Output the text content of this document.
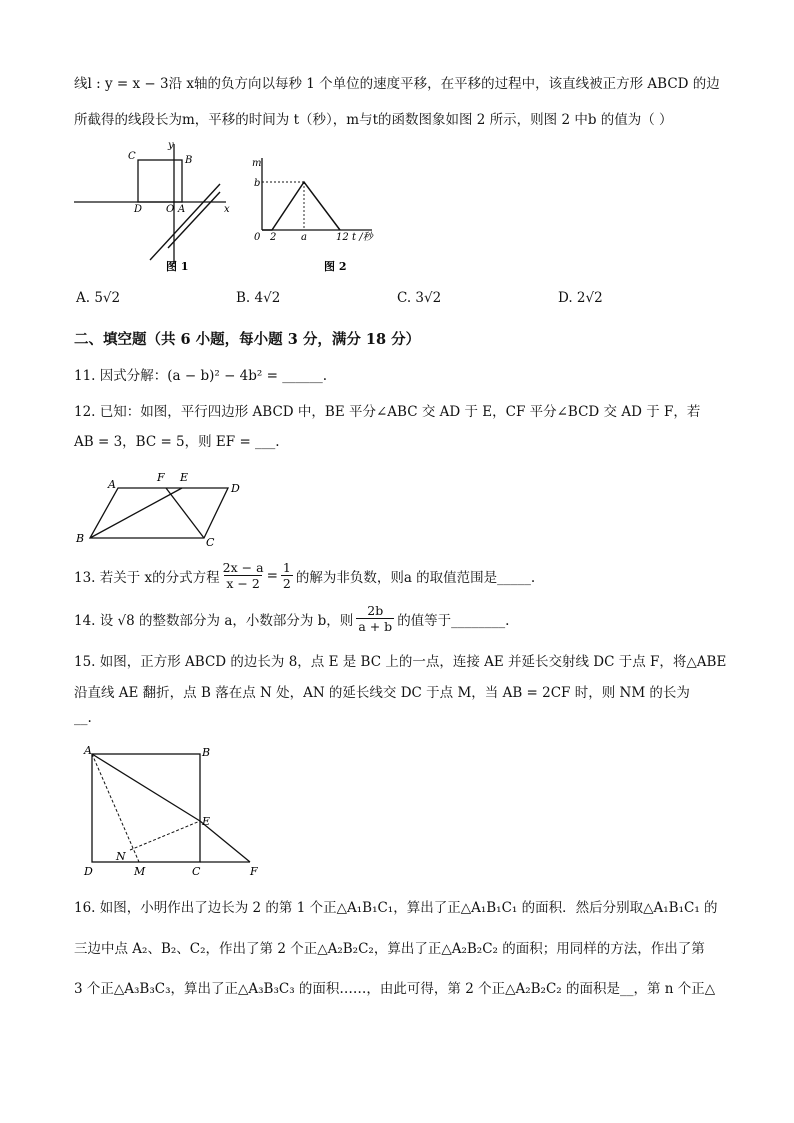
线l : y = x − 3沿 x轴的负方向以每秒 1 个单位的速度平移，在平移的过程中，该直线被正方形 ABCD 的边
所截得的线段长为m，平移的时间为 t（秒），m与t的函数图象如图 2 所示，则图 2 中b 的值为（ ）
C	B
D O A	x
y
图 1
m
b
0 2 a	12 t /秒
图 2
A. 5√2	B. 4√2	C. 3√2	D. 2√2
二、填空题（共 6 小题，每小题 3 分，满分 18 分）
11. 因式分解：(a − b)² − 4b² = ______.
12. 已知：如图，平行四边形 ABCD 中，BE 平分∠ABC 交 AD 于 E，CF 平分∠BCD 交 AD 于 F，若
AB = 3，BC = 5，则 EF = ___.
A
F E
D
B	C
13. 若关于 x的分式方程 $\frac{2x - a}{x - 2} = \frac{1}{2}$ 的解为非负数，则a 的取值范围是_____.
14. 设 √8 的整数部分为 a，小数部分为 b，则 $\frac{2b}{a + b}$ 的值等于________.
15. 如图，正方形 ABCD 的边长为 8，点 E 是 BC 上的一点，连接 AE 并延长交射线 DC 于点 F，将△ABE
沿直线 AE 翻折，点 B 落在点 N 处，AN 的延长线交 DC 于点 M，当 AB = 2CF 时，则 NM 的长为
__.
A	B
E
N
M
D	C	F
16. 如图，小明作出了边长为 2 的第 1 个正△A₁B₁C₁，算出了正△A₁B₁C₁ 的面积．然后分别取△A₁B₁C₁ 的
三边中点 A₂、B₂、C₂，作出了第 2 个正△A₂B₂C₂，算出了正△A₂B₂C₂ 的面积；用同样的方法，作出了第
3 个正△A₃B₃C₃，算出了正△A₃B₃C₃ 的面积……，由此可得，第 2 个正△A₂B₂C₂ 的面积是__，第 n 个正△
